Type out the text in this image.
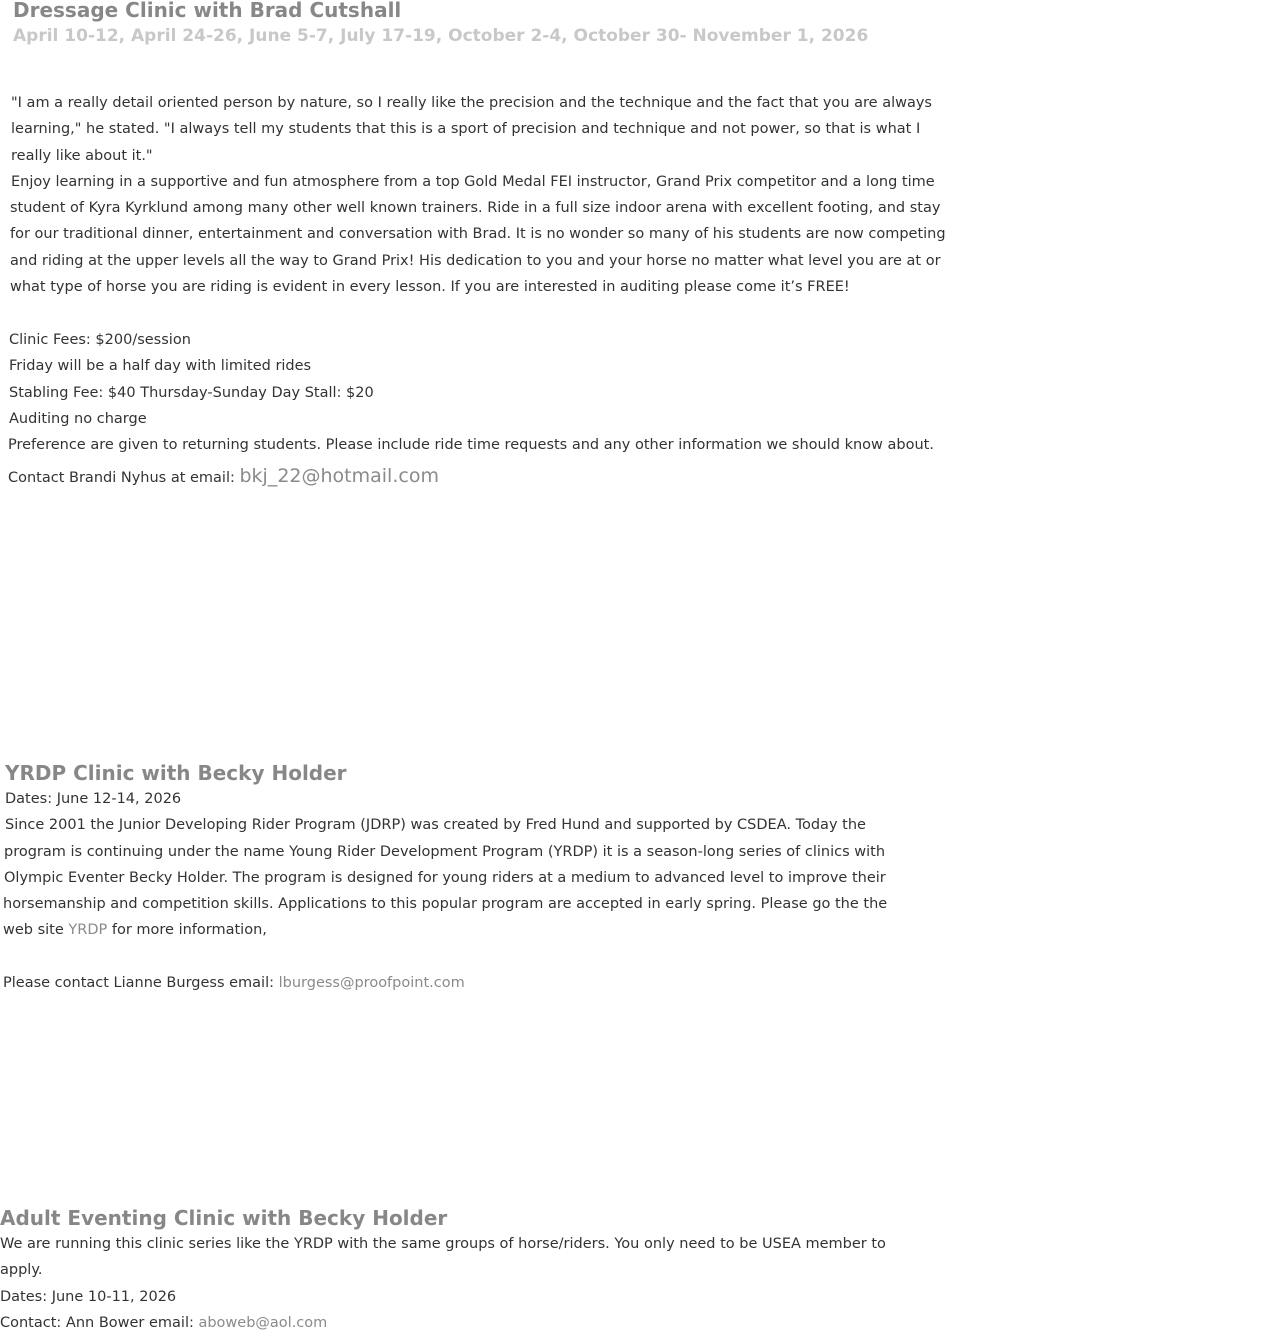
Dressage Clinic with Brad Cutshall

April 10-12, April 24-26, June 5-7, July 17-19, October 2-4, October 30- November 1, 2026

"I am a really detail oriented person by nature, so I really like the precision and the technique and the fact that you are always

learning," he stated. "I always tell my students that this is a sport of precision and technique and not power, so that is what I

really like about it."

Enjoy learning in a supportive and fun atmosphere from a top Gold Medal FEI instructor, Grand Prix competitor and a long time

student of Kyra Kyrklund among many other well known trainers. Ride in a full size indoor arena with excellent footing, and stay

for our traditional dinner, entertainment and conversation with Brad. It is no wonder so many of his students are now competing

and riding at the upper levels all the way to Grand Prix! His dedication to you and your horse no matter what level you are at or

what type of horse you are riding is evident in every lesson. If you are interested in auditing please come it’s FREE!

Clinic Fees: $200/session

Friday will be a half day with limited rides

Stabling Fee: $40 Thursday-Sunday Day Stall: $20

Auditing no charge

Preference are given to returning students. Please include ride time requests and any other information we should know about.

Contact Brandi Nyhus at email: bkj_22@hotmail.com

YRDP Clinic with Becky Holder

Dates: June 12-14, 2026

Since 2001 the Junior Developing Rider Program (JDRP) was created by Fred Hund and supported by CSDEA. Today the

program is continuing under the name Young Rider Development Program (YRDP) it is a season-long series of clinics with

Olympic Eventer Becky Holder. The program is designed for young riders at a medium to advanced level to improve their

horsemanship and competition skills. Applications to this popular program are accepted in early spring. Please go the the

web site YRDP for more information,

Please contact Lianne Burgess email: lburgess@proofpoint.com

Adult Eventing Clinic with Becky Holder

We are running this clinic series like the YRDP with the same groups of horse/riders. You only need to be USEA member to

apply.

Dates: June 10-11, 2026

Contact: Ann Bower email: aboweb@aol.com
